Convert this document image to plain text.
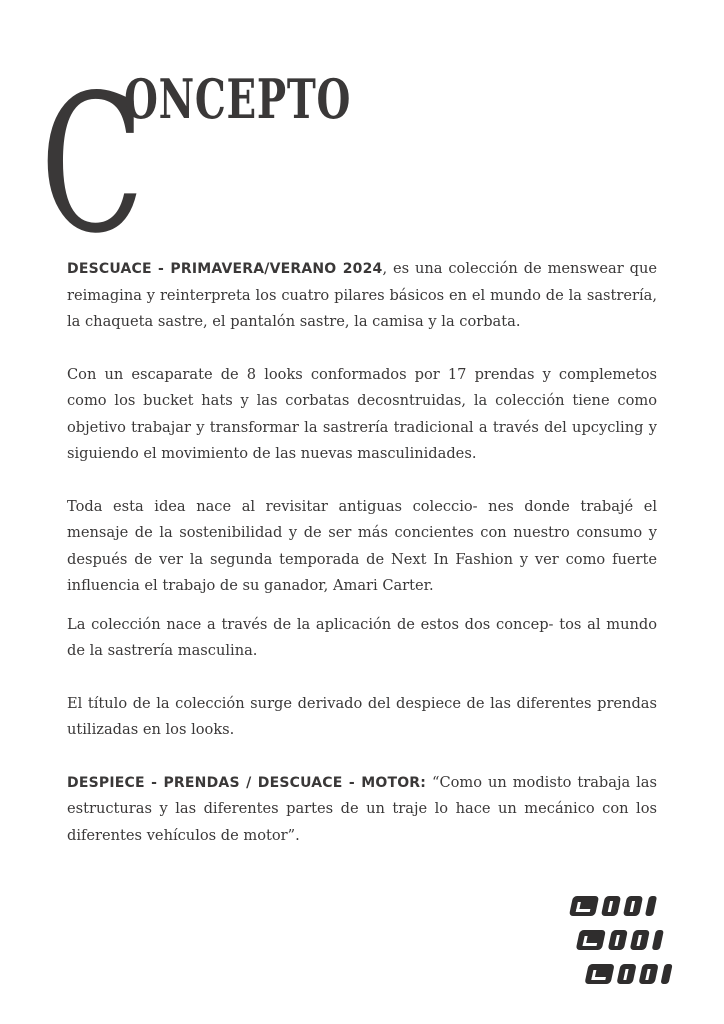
C
ONCEPTO

DESCUACE - PRIMAVERA/VERANO 2024, es una colección de menswear que reimagina y reinterpreta los cuatro pilares básicos en el mundo de la sastrería, la chaqueta sastre, el pantalón sastre, la camisa y la corbata.

Con un escaparate de 8 looks conformados por 17 prendas y complemetos como los bucket hats y las corbatas decosntruidas, la colección tiene como objetivo trabajar y transformar la sastrería tradicional a través del upcycling y siguiendo el movimiento de las nuevas masculinidades.

Toda esta idea nace al revisitar antiguas coleccio- nes donde trabajé el mensaje de la sostenibilidad y de ser más concientes con nuestro consumo y después de ver la segunda temporada de Next In Fashion y ver como fuerte influencia el trabajo de su ganador, Amari Carter.

La colección nace a través de la aplicación de estos dos concep- tos al mundo de la sastrería masculina.

El título de la colección surge derivado del despiece de las diferentes prendas utilizadas en los looks.

DESPIECE - PRENDAS / DESCUACE - MOTOR: “Como un modisto trabaja las estructuras y las diferentes partes de un traje lo hace un mecánico con los diferentes vehículos de motor”.
